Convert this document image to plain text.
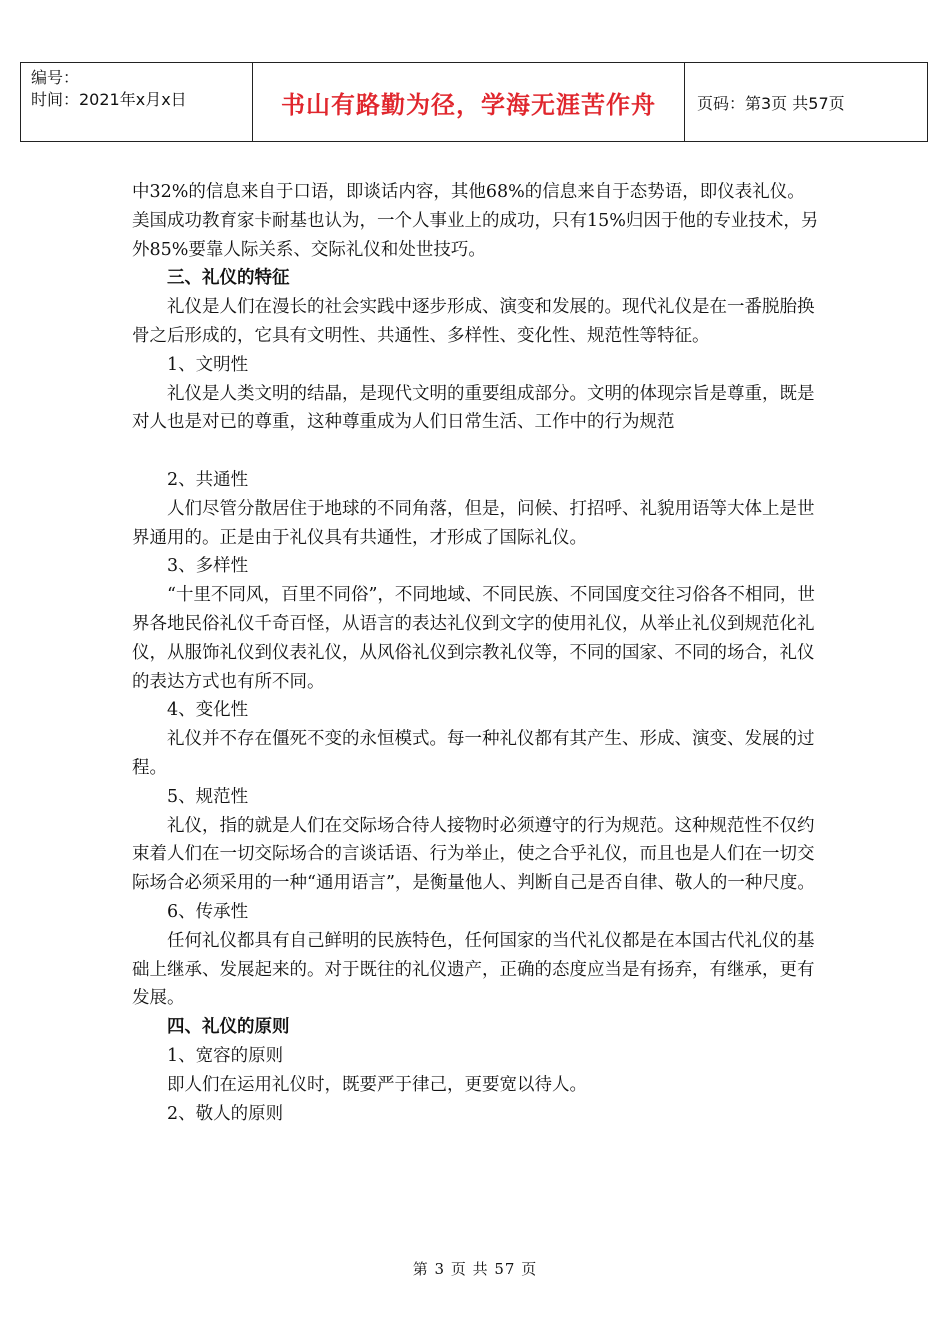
编号：
时间：2021年x月x日	书山有路勤为径，学海无涯苦作舟	页码：第3页 共57页

中32%的信息来自于口语，即谈话内容，其他68%的信息来自于态势语，即仪表礼仪。美国成功教育家卡耐基也认为，一个人事业上的成功，只有15%归因于他的专业技术，另外85%要靠人际关系、交际礼仪和处世技巧。

三、礼仪的特征

礼仪是人们在漫长的社会实践中逐步形成、演变和发展的。现代礼仪是在一番脱胎换骨之后形成的，它具有文明性、共通性、多样性、变化性、规范性等特征。

1、文明性

礼仪是人类文明的结晶，是现代文明的重要组成部分。文明的体现宗旨是尊重，既是对人也是对已的尊重，这种尊重成为人们日常生活、工作中的行为规范

2、共通性

人们尽管分散居住于地球的不同角落，但是，问候、打招呼、礼貌用语等大体上是世界通用的。正是由于礼仪具有共通性，才形成了国际礼仪。

3、多样性

“十里不同风，百里不同俗”，不同地域、不同民族、不同国度交往习俗各不相同，世界各地民俗礼仪千奇百怪，从语言的表达礼仪到文字的使用礼仪，从举止礼仪到规范化礼仪，从服饰礼仪到仪表礼仪，从风俗礼仪到宗教礼仪等，不同的国家、不同的场合，礼仪的表达方式也有所不同。

4、变化性

礼仪并不存在僵死不变的永恒模式。每一种礼仪都有其产生、形成、演变、发展的过程。

5、规范性

礼仪，指的就是人们在交际场合待人接物时必须遵守的行为规范。这种规范性不仅约束着人们在一切交际场合的言谈话语、行为举止，使之合乎礼仪，而且也是人们在一切交际场合必须采用的一种“通用语言”，是衡量他人、判断自己是否自律、敬人的一种尺度。

6、传承性

任何礼仪都具有自己鲜明的民族特色，任何国家的当代礼仪都是在本国古代礼仪的基础上继承、发展起来的。对于既往的礼仪遗产，正确的态度应当是有扬弃，有继承，更有发展。

四、礼仪的原则

1、宽容的原则

即人们在运用礼仪时，既要严于律己，更要宽以待人。

2、敬人的原则

第 3 页 共 57 页
